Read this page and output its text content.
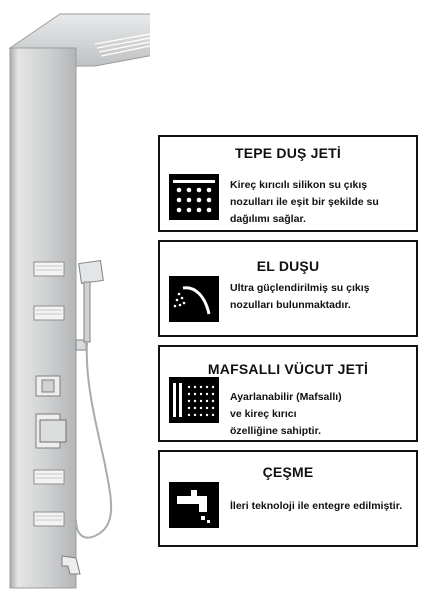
TEPE DUŞ JETİ
Kireç kırıcılı silikon su çıkış nozulları ile eşit bir şekilde su dağılımı sağlar.
EL DUŞU
Ultra güçlendirilmiş su çıkış nozulları bulunmaktadır.
MAFSALLI VÜCUT JETİ
Ayarlanabilir (Mafsallı) ve kireç kırıcı özelliğine sahiptir.
ÇEŞME
İleri teknoloji ile entegre edilmiştir.
